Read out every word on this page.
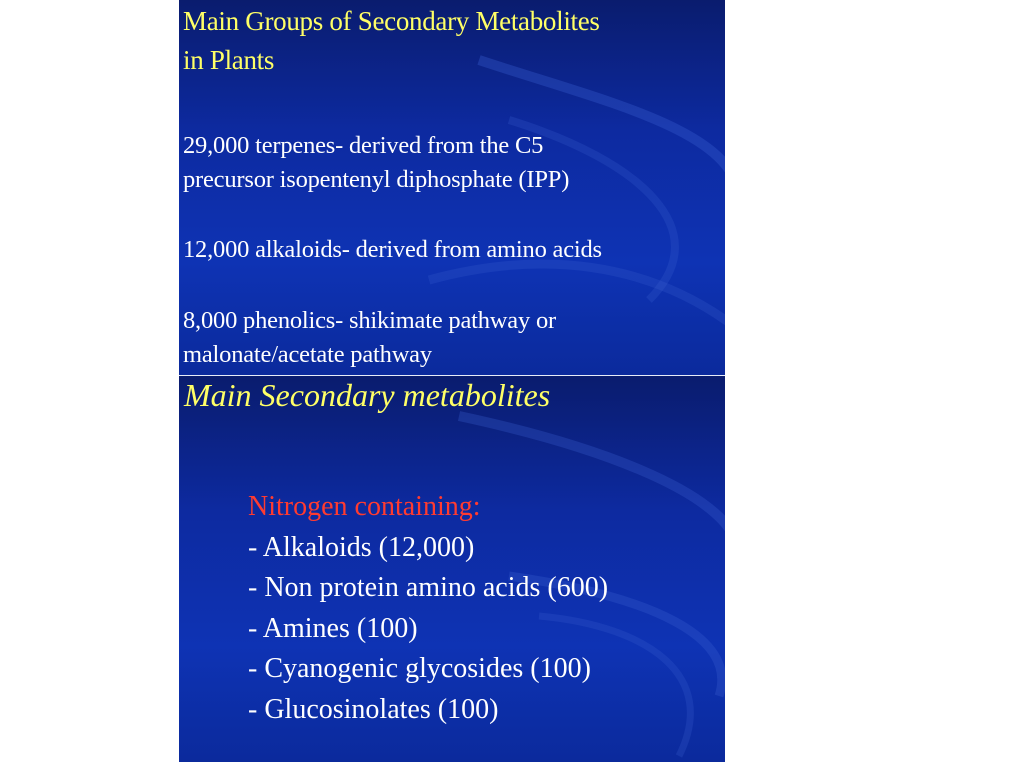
Main Groups of Secondary Metabolites
in Plants

29,000 terpenes- derived from the C5
precursor isopentenyl diphosphate (IPP)

12,000 alkaloids- derived from amino acids

8,000 phenolics- shikimate pathway or
malonate/acetate pathway

Main Secondary metabolites
Nitrogen containing:
- Alkaloids (12,000)
- Non protein amino acids (600)
- Amines (100)
- Cyanogenic glycosides (100)
- Glucosinolates (100)
